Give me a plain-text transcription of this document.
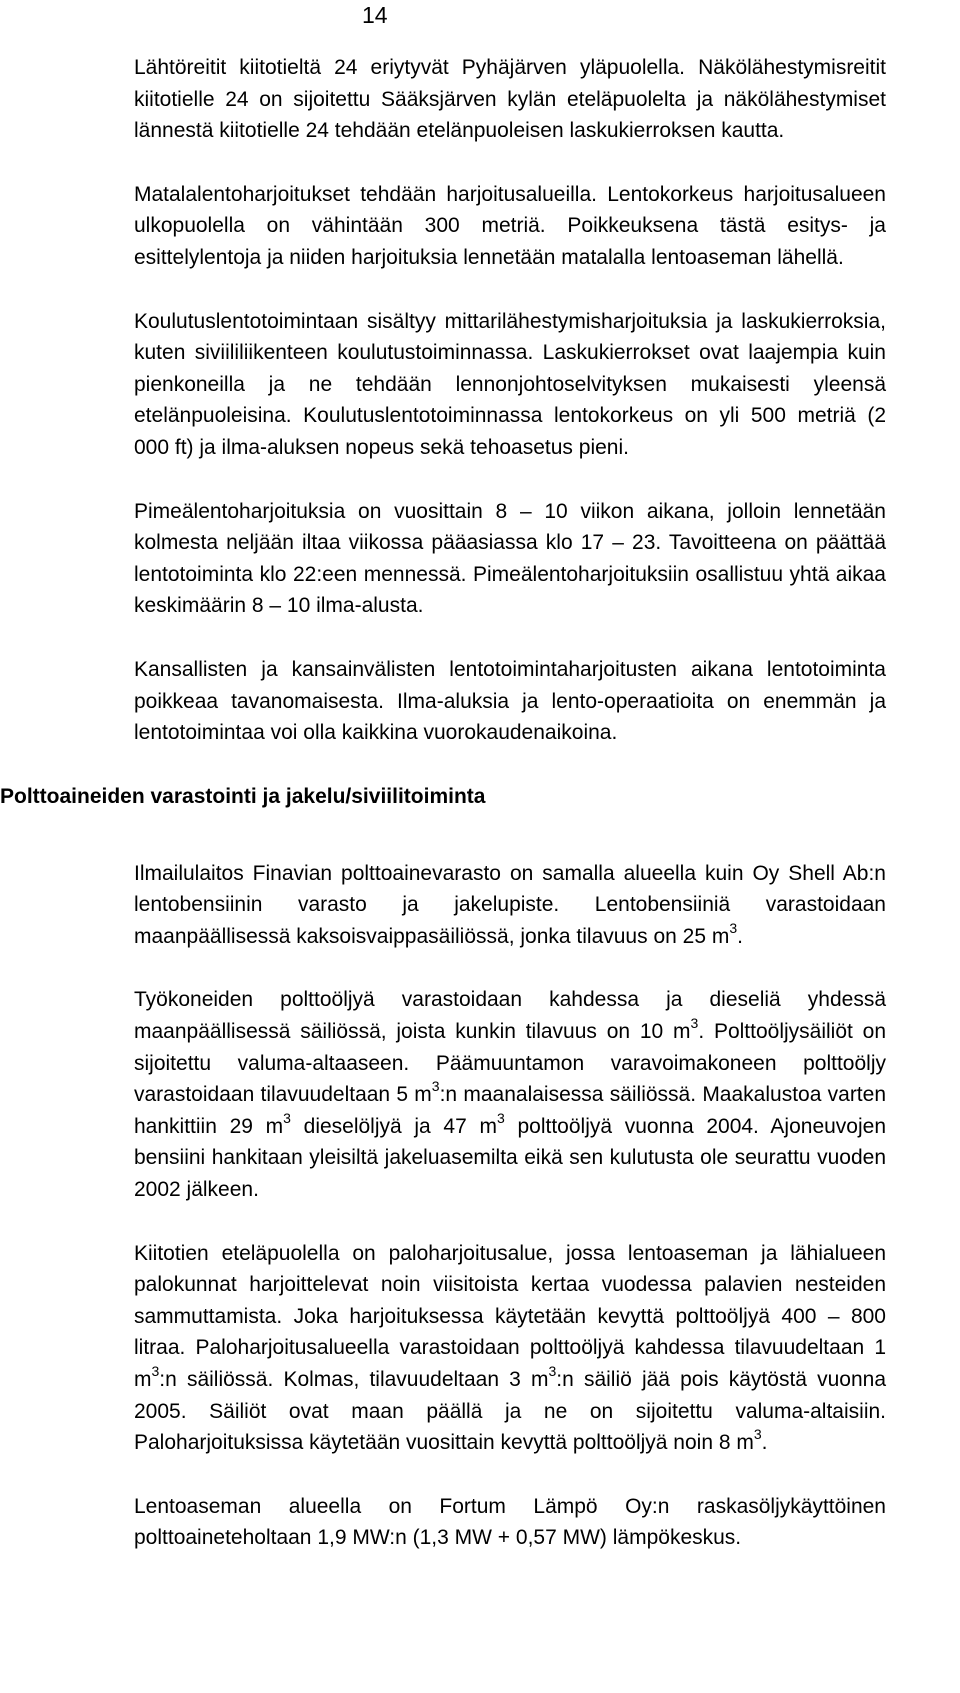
14

Lähtöreitit kiitotieltä 24 eriytyvät Pyhäjärven yläpuolella. Näkölähestymisreitit kiitotielle 24 on sijoitettu Sääksjärven kylän eteläpuolelta ja näkölähestymiset lännestä kiitotielle 24 tehdään etelänpuoleisen laskukierroksen kautta.

Matalalentoharjoitukset tehdään harjoitusalueilla. Lentokorkeus harjoitusalueen ulkopuolella on vähintään 300 metriä. Poikkeuksena tästä esitys- ja esittelylentoja ja niiden harjoituksia lennetään matalalla lentoaseman lähellä.

Koulutuslentotoimintaan sisältyy mittarilähestymisharjoituksia ja laskukierroksia, kuten siviililiikenteen koulutustoiminnassa. Laskukierrokset ovat laajempia kuin pienkoneilla ja ne tehdään lennonjohtoselvityksen mukaisesti yleensä etelänpuoleisina. Koulutuslentotoiminnassa lentokorkeus on yli 500 metriä (2 000 ft) ja ilma-aluksen nopeus sekä tehoasetus pieni.

Pimeälentoharjoituksia on vuosittain 8 – 10 viikon aikana, jolloin lennetään kolmesta neljään iltaa viikossa pääasiassa klo 17 – 23. Tavoitteena on päättää lentotoiminta klo 22:een mennessä. Pimeälentoharjoituksiin osallistuu yhtä aikaa keskimäärin 8 – 10 ilma-alusta.

Kansallisten ja kansainvälisten lentotoimintaharjoitusten aikana lentotoiminta poikkeaa tavanomaisesta. Ilma-aluksia ja lento-operaatioita on enemmän ja lentotoimintaa voi olla kaikkina vuorokaudenaikoina.

Polttoaineiden varastointi ja jakelu/siviilitoiminta

Ilmailulaitos Finavian polttoainevarasto on samalla alueella kuin Oy Shell Ab:n lentobensiinin varasto ja jakelupiste. Lentobensiiniä varastoidaan maanpäällisessä kaksoisvaippasäiliössä, jonka tilavuus on 25 $m^3$.

Työkoneiden polttoöljyä varastoidaan kahdessa ja dieseliä yhdessä maanpäällisessä säiliössä, joista kunkin tilavuus on 10 $m^3$. Polttoöljysäiliöt on sijoitettu valuma-altaaseen. Päämuuntamon varavoimakoneen polttoöljy varastoidaan tilavuudeltaan 5 $m^3:n$ maanalaisessa säiliössä. Maakalustoa varten hankittiin 29 $m^3$ dieselöljyä ja 47 $m^3$ polttoöljyä vuonna 2004. Ajoneuvojen bensiini hankitaan yleisiltä jakeluasemilta eikä sen kulutusta ole seurattu vuoden 2002 jälkeen.

Kiitotien eteläpuolella on paloharjoitusalue, jossa lentoaseman ja lähialueen palokunnat harjoittelevat noin viisitoista kertaa vuodessa palavien nesteiden sammuttamista. Joka harjoituksessa käytetään kevyttä polttoöljyä 400 – 800 litraa. Paloharjoitusalueella varastoidaan polttoöljyä kahdessa tilavuudeltaan 1 $m^3:n$ säiliössä. Kolmas, tilavuudeltaan 3 $m^3:n$ säiliö jää pois käytöstä vuonna 2005. Säiliöt ovat maan päällä ja ne on sijoitettu valuma-altaisiin. Paloharjoituksissa käytetään vuosittain kevyttä polttoöljyä noin 8 $m^3$.

Lentoaseman alueella on Fortum Lämpö Oy:n raskasöljykäyttöinen polttoaineteholtaan 1,9 MW:n (1,3 MW + 0,57 MW) lämpökeskus.
